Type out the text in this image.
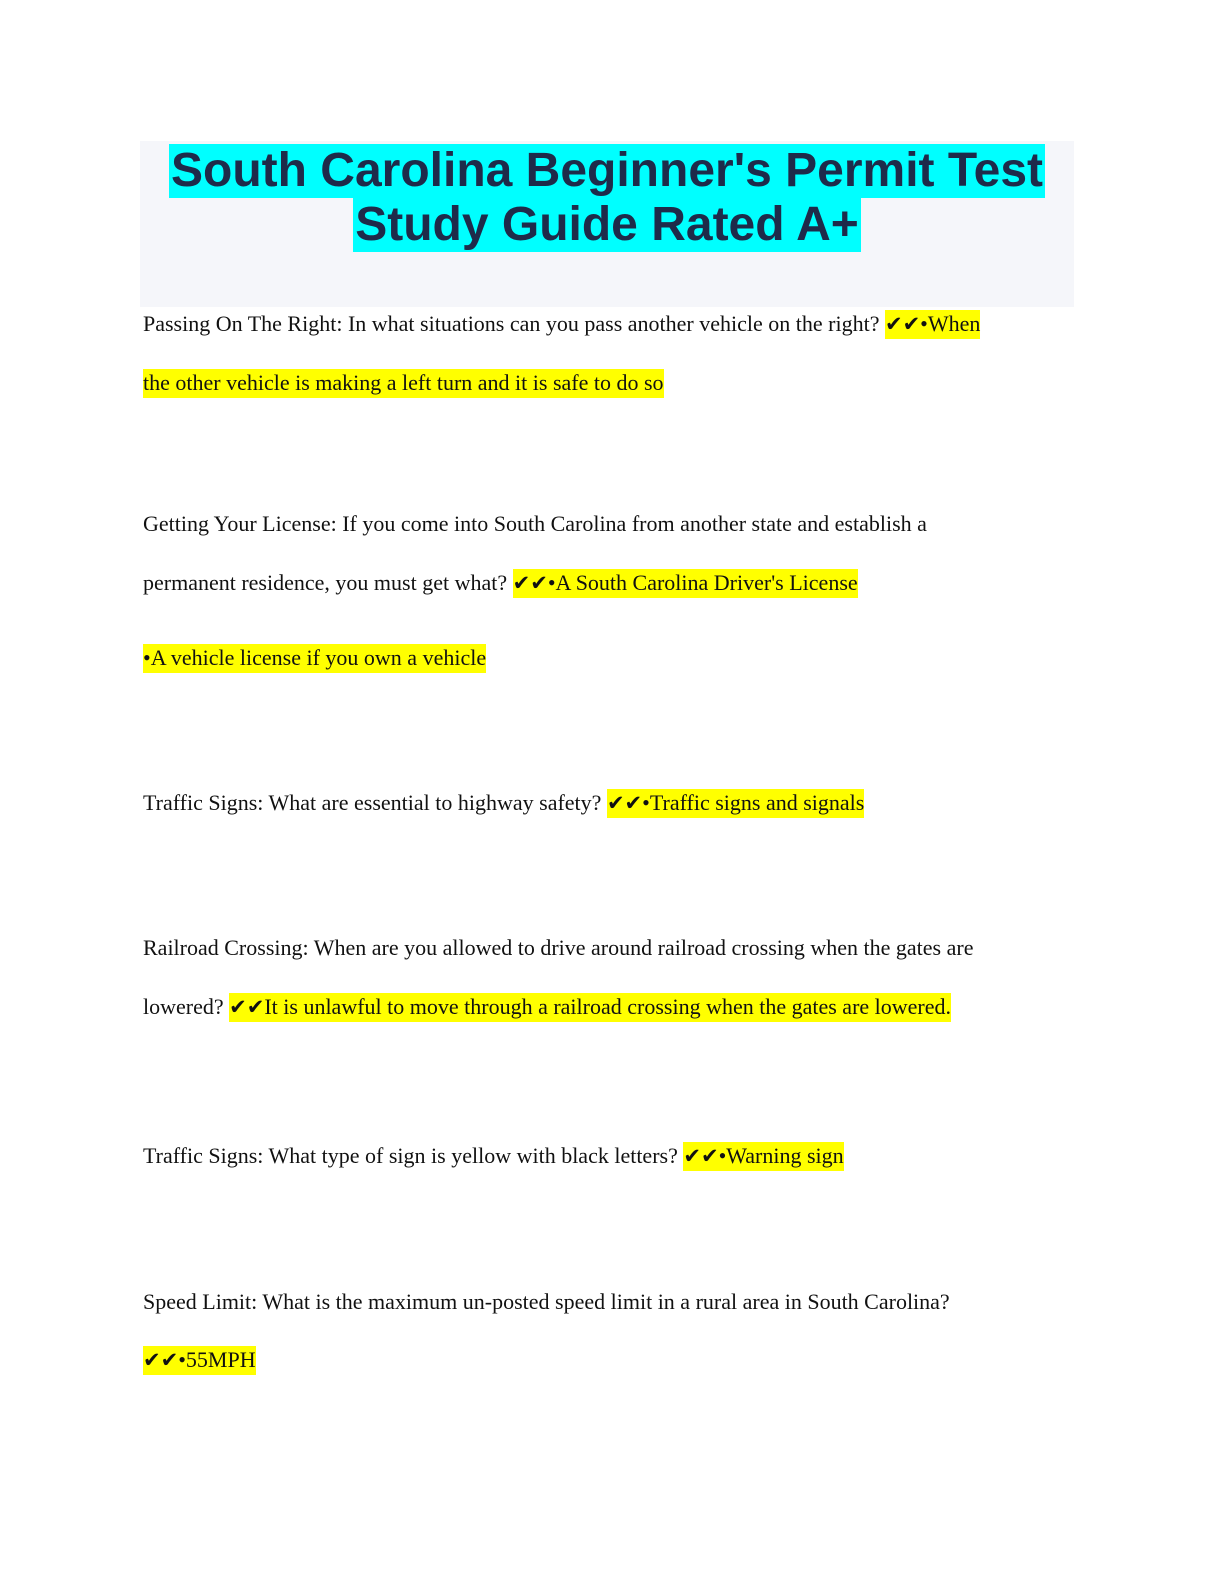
South Carolina Beginner's Permit Test
Study Guide Rated A+
Passing On The Right: In what situations can you pass another vehicle on the right? ✔✔•When
the other vehicle is making a left turn and it is safe to do so
Getting Your License: If you come into South Carolina from another state and establish a
permanent residence, you must get what? ✔✔•A South Carolina Driver's License
•A vehicle license if you own a vehicle
Traffic Signs: What are essential to highway safety? ✔✔•Traffic signs and signals
Railroad Crossing: When are you allowed to drive around railroad crossing when the gates are
lowered? ✔✔It is unlawful to move through a railroad crossing when the gates are lowered.
Traffic Signs: What type of sign is yellow with black letters? ✔✔•Warning sign
Speed Limit: What is the maximum un-posted speed limit in a rural area in South Carolina?
✔✔•55MPH
